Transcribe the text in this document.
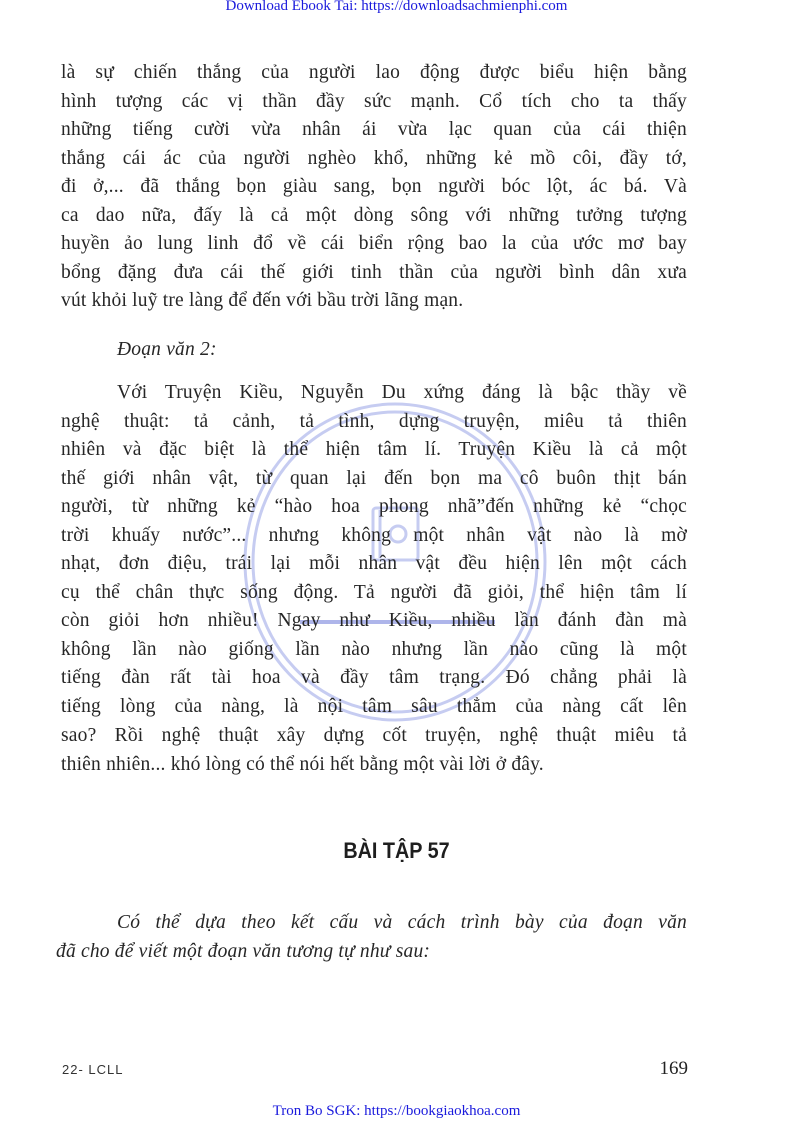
Download Ebook Tai: https://downloadsachmienphi.com
là sự chiến thắng của người lao động được biểu hiện bằng
hình tượng các vị thần đầy sức mạnh. Cổ tích cho ta thấy
những tiếng cười vừa nhân ái vừa lạc quan của cái thiện
thắng cái ác của người nghèo khổ, những kẻ mồ côi, đầy tớ,
đi ở,... đã thắng bọn giàu sang, bọn người bóc lột, ác bá. Và
ca dao nữa, đấy là cả một dòng sông với những tưởng tượng
huyền ảo lung linh đổ về cái biển rộng bao la của ước mơ bay
bổng đặng đưa cái thế giới tinh thần của người bình dân xưa
vút khỏi luỹ tre làng để đến với bầu trời lãng mạn.
Đoạn văn 2:
Với Truyện Kiều, Nguyễn Du xứng đáng là bậc thầy về
nghệ thuật: tả cảnh, tả tình, dựng truyện, miêu tả thiên
nhiên và đặc biệt là thể hiện tâm lí. Truyện Kiều là cả một
thế giới nhân vật, từ quan lại đến bọn ma cô buôn thịt bán
người, từ những kẻ “hào hoa phong nhã”đến những kẻ “chọc
trời khuấy nước”... nhưng không một nhân vật nào là mờ
nhạt, đơn điệu, trái lại mỗi nhân vật đều hiện lên một cách
cụ thể chân thực sống động. Tả người đã giỏi, thể hiện tâm lí
còn giỏi hơn nhiều! Ngay như Kiều, nhiều lần đánh đàn mà
không lần nào giống lần nào nhưng lần nào cũng là một
tiếng đàn rất tài hoa và đầy tâm trạng. Đó chẳng phải là
tiếng lòng của nàng, là nội tâm sâu thẳm của nàng cất lên
sao? Rồi nghệ thuật xây dựng cốt truyện, nghệ thuật miêu tả
thiên nhiên... khó lòng có thể nói hết bằng một vài lời ở đây.
BÀI TẬP 57
Có thể dựa theo kết cấu và cách trình bày của đoạn văn
đã cho để viết một đoạn văn tương tự như sau:
22- LCLL	169
Tron Bo SGK: https://bookgiaokhoa.com
